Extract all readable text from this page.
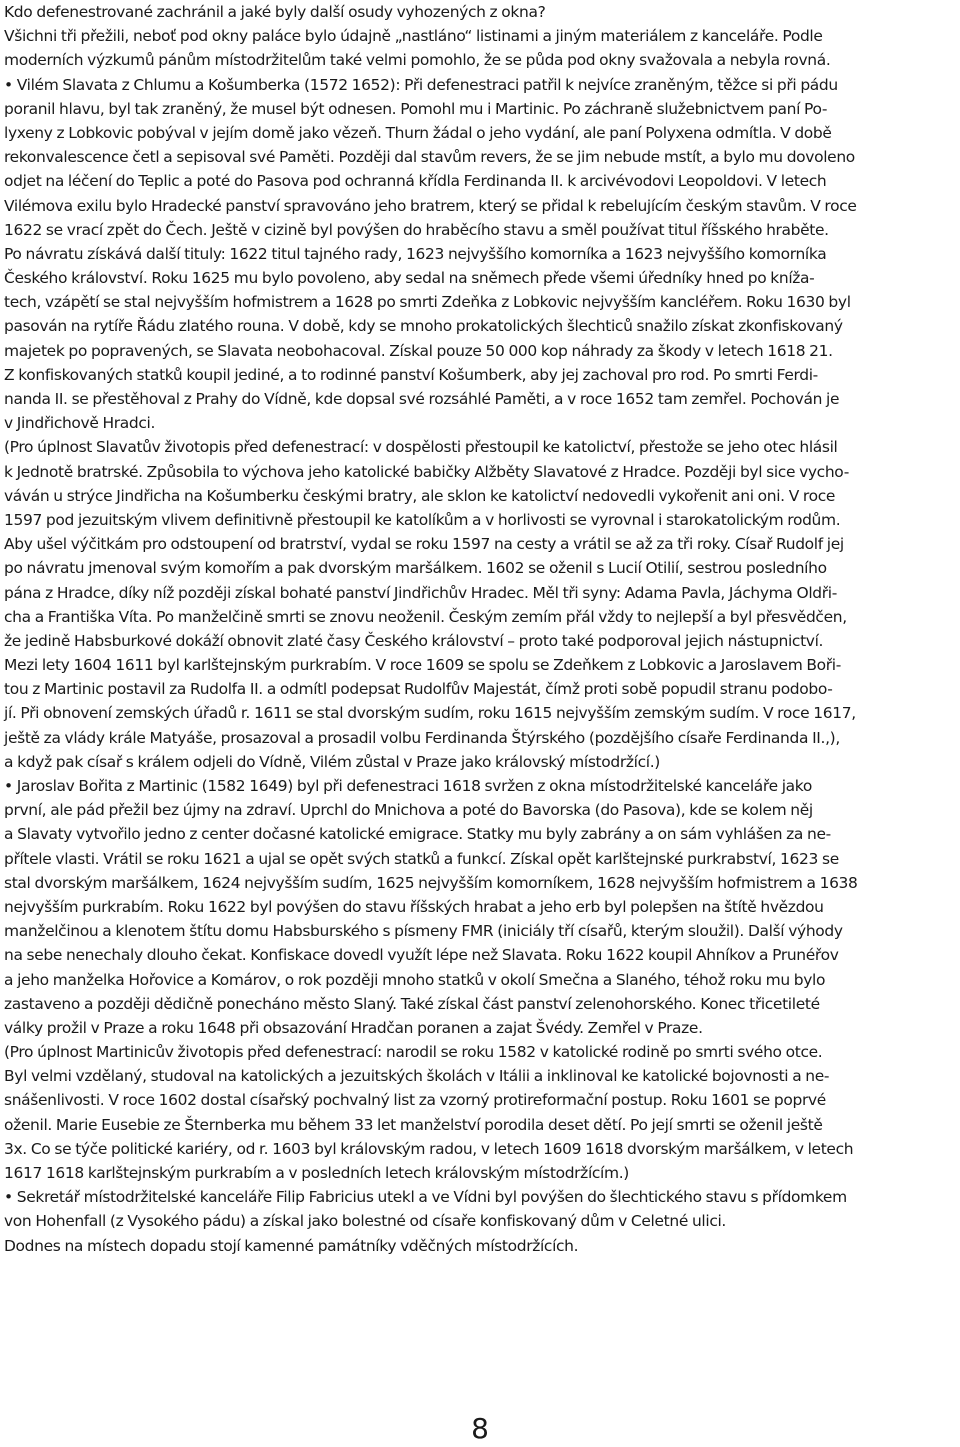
Kdo defenestrované zachránil a jaké byly další osudy vyhozených z okna?
Všichni tři přežili, neboť pod okny paláce bylo údajně „nastláno“ listinami a jiným materiálem z kanceláře. Podle
moderních výzkumů pánům místodržitelům také velmi pomohlo, že se půda pod okny svažovala a nebyla rovná.
• Vilém Slavata z Chlumu a Košumberka (1572 1652): Při defenestraci patřil k nejvíce zraněným, těžce si při pádu
poranil hlavu, byl tak zraněný, že musel být odnesen. Pomohl mu i Martinic. Po záchraně služebnictvem paní Po-
lyxeny z Lobkovic pobýval v jejím domě jako vězeň. Thurn žádal o jeho vydání, ale paní Polyxena odmítla. V době
rekonvalescence četl a sepisoval své Paměti. Později dal stavům revers, že se jim nebude mstít, a bylo mu dovoleno
odjet na léčení do Teplic a poté do Pasova pod ochranná křídla Ferdinanda II. k arcivévodovi Leopoldovi. V letech
Vilémova exilu bylo Hradecké panství spravováno jeho bratrem, který se přidal k rebelujícím českým stavům. V roce
1622 se vrací zpět do Čech. Ještě v cizině byl povýšen do hraběcího stavu a směl používat titul říšského hraběte.
Po návratu získává další tituly: 1622 titul tajného rady, 1623 nejvyššího komorníka a 1623 nejvyššího komorníka
Českého království. Roku 1625 mu bylo povoleno, aby sedal na sněmech přede všemi úředníky hned po kníža-
tech, vzápětí se stal nejvyšším hofmistrem a 1628 po smrti Zdeňka z Lobkovic nejvyšším kancléřem. Roku 1630 byl
pasován na rytíře Řádu zlatého rouna. V době, kdy se mnoho prokatolických šlechticů snažilo získat zkonfiskovaný
majetek po popravených, se Slavata neobohacoval. Získal pouze 50 000 kop náhrady za škody v letech 1618 21.
Z konfiskovaných statků koupil jediné, a to rodinné panství Košumberk, aby jej zachoval pro rod. Po smrti Ferdi-
nanda II. se přestěhoval z Prahy do Vídně, kde dopsal své rozsáhlé Paměti, a v roce 1652 tam zemřel. Pochován je
v Jindřichově Hradci.
(Pro úplnost Slavatův životopis před defenestrací: v dospělosti přestoupil ke katolictví, přestože se jeho otec hlásil
k Jednotě bratrské. Způsobila to výchova jeho katolické babičky Alžběty Slavatové z Hradce. Později byl sice vycho-
váván u strýce Jindřicha na Košumberku českými bratry, ale sklon ke katolictví nedovedli vykořenit ani oni. V roce
1597 pod jezuitským vlivem definitivně přestoupil ke katolíkům a v horlivosti se vyrovnal i starokatolickým rodům.
Aby ušel výčitkám pro odstoupení od bratrství, vydal se roku 1597 na cesty a vrátil se až za tři roky. Císař Rudolf jej
po návratu jmenoval svým komořím a pak dvorským maršálkem. 1602 se oženil s Lucií Otilií, sestrou posledního
pána z Hradce, díky níž později získal bohaté panství Jindřichův Hradec. Měl tři syny: Adama Pavla, Jáchyma Oldři-
cha a Františka Víta. Po manželčině smrti se znovu neoženil. Českým zemím přál vždy to nejlepší a byl přesvědčen,
že jedině Habsburkové dokáží obnovit zlaté časy Českého království – proto také podporoval jejich nástupnictví.
Mezi lety 1604 1611 byl karlštejnským purkrabím. V roce 1609 se spolu se Zdeňkem z Lobkovic a Jaroslavem Boři-
tou z Martinic postavil za Rudolfa II. a odmítl podepsat Rudolfův Majestát, čímž proti sobě popudil stranu podobo-
jí. Při obnovení zemských úřadů r. 1611 se stal dvorským sudím, roku 1615 nejvyšším zemským sudím. V roce 1617,
ještě za vlády krále Matyáše, prosazoval a prosadil volbu Ferdinanda Štýrského (pozdějšího císaře Ferdinanda II.,),
a když pak císař s králem odjeli do Vídně, Vilém zůstal v Praze jako královský místodržící.)
• Jaroslav Bořita z Martinic (1582 1649) byl při defenestraci 1618 svržen z okna místodržitelské kanceláře jako
první, ale pád přežil bez újmy na zdraví. Uprchl do Mnichova a poté do Bavorska (do Pasova), kde se kolem něj
a Slavaty vytvořilo jedno z center dočasné katolické emigrace. Statky mu byly zabrány a on sám vyhlášen za ne-
přítele vlasti. Vrátil se roku 1621 a ujal se opět svých statků a funkcí. Získal opět karlštejnské purkrabství, 1623 se
stal dvorským maršálkem, 1624 nejvyšším sudím, 1625 nejvyšším komorníkem, 1628 nejvyšším hofmistrem a 1638
nejvyšším purkrabím. Roku 1622 byl povýšen do stavu říšských hrabat a jeho erb byl polepšen na štítě hvězdou
manželčinou a klenotem štítu domu Habsburského s písmeny FMR (iniciály tří císařů, kterým sloužil). Další výhody
na sebe nenechaly dlouho čekat. Konfiskace dovedl využít lépe než Slavata. Roku 1622 koupil Ahníkov a Prunéřov
a jeho manželka Hořovice a Komárov, o rok později mnoho statků v okolí Smečna a Slaného, téhož roku mu bylo
zastaveno a později dědičně ponecháno město Slaný. Také získal část panství zelenohorského. Konec třicetileté
války prožil v Praze a roku 1648 při obsazování Hradčan poranen a zajat Švédy. Zemřel v Praze.
(Pro úplnost Martinicův životopis před defenestrací: narodil se roku 1582 v katolické rodině po smrti svého otce.
Byl velmi vzdělaný, studoval na katolických a jezuitských školách v Itálii a inklinoval ke katolické bojovnosti a ne-
snášenlivosti. V roce 1602 dostal císařský pochvalný list za vzorný protireformační postup. Roku 1601 se poprvé
oženil. Marie Eusebie ze Šternberka mu během 33 let manželství porodila deset dětí. Po její smrti se oženil ještě
3x. Co se týče politické kariéry, od r. 1603 byl královským radou, v letech 1609 1618 dvorským maršálkem, v letech
1617 1618 karlštejnským purkrabím a v posledních letech královským místodržícím.)
• Sekretář místodržitelské kanceláře Filip Fabricius utekl a ve Vídni byl povýšen do šlechtického stavu s přídomkem
von Hohenfall (z Vysokého pádu) a získal jako bolestné od císaře konfiskovaný dům v Celetné ulici.
Dodnes na místech dopadu stojí kamenné památníky vděčných místodržících.
8
